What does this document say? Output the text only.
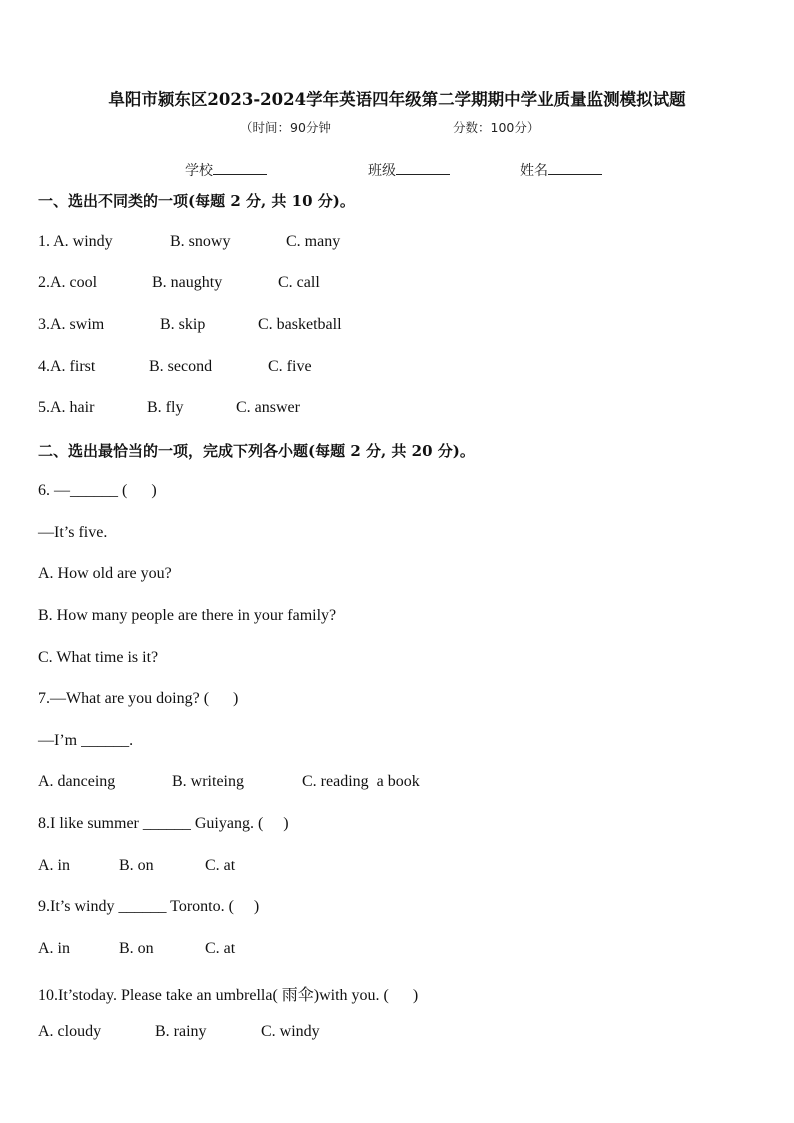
阜阳市颍东区2023-2024学年英语四年级第二学期期中学业质量监测模拟试题
（时间：90分钟	分数：100分）
学校	班级	姓名
一、选出不同类的一项(每题 2 分, 共 10 分)。
1. A. windy	B. snowy	C. many
2.A. cool	B. naughty	C. call
3.A. swim	B. skip	C. basketball
4.A. first	B. second	C. five
5.A. hair	B. fly	C. answer
二、选出最恰当的一项，完成下列各小题(每题 2 分, 共 20 分)。
6. —______ (      )
—It’s five.
A. How old are you?
B. How many people are there in your family?
C. What time is it?
7.—What are you doing? (      )
—I’m ______.
A. danceing	B. writeing	C. reading  a book
8.I like summer ______ Guiyang. (     )
A. in	B. on	C. at
9.It’s windy ______ Toronto. (     )
A. in	B. on	C. at
10.It’stoday. Please take an umbrella( 雨伞)with you. (      )
A. cloudy	B. rainy	C. windy
